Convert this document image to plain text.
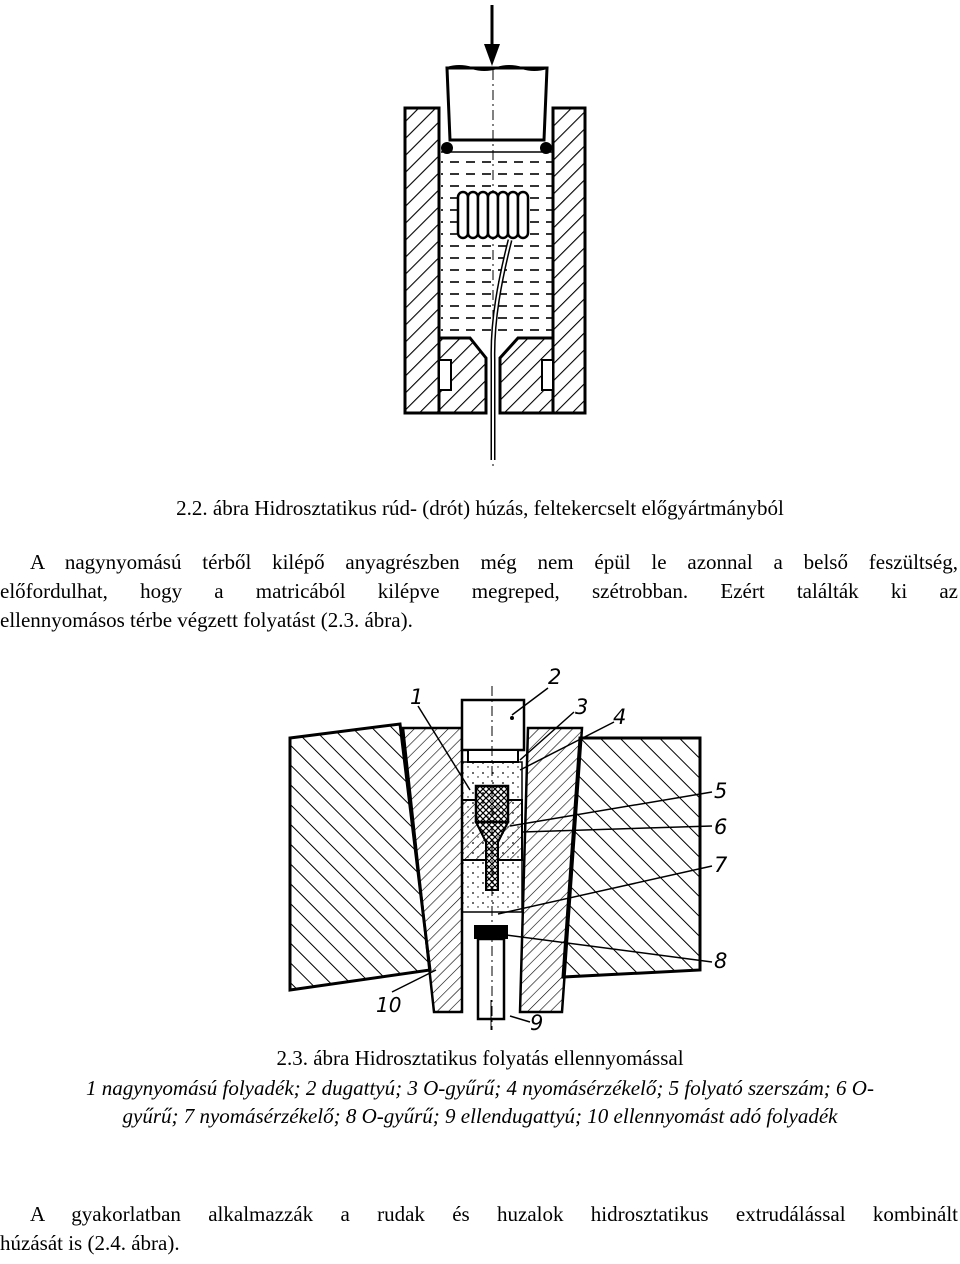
2.2. ábra Hidrosztatikus rúd- (drót) húzás, feltekercselt előgyártmányból

A nagynyomású térből kilépő anyagrészben még nem épül le azonnal a belső feszültség,

előfordulhat, hogy a matricából kilépve megreped, szétrobban. Ezért találták ki az

ellennyomásos térbe végzett folyatást (2.3. ábra).

1
2
3 4
5
6
7
8
9
10
2.3. ábra Hidrosztatikus folyatás ellennyomással
1 nagynyomású folyadék; 2 dugattyú; 3 O-gyűrű; 4 nyomásérzékelő; 5 folyató szerszám; 6 O-
gyűrű; 7 nyomásérzékelő; 8 O-gyűrű; 9 ellendugattyú; 10 ellennyomást adó folyadék

A gyakorlatban alkalmazzák a rudak és huzalok hidrosztatikus extrudálással kombinált

húzását is (2.4. ábra).
